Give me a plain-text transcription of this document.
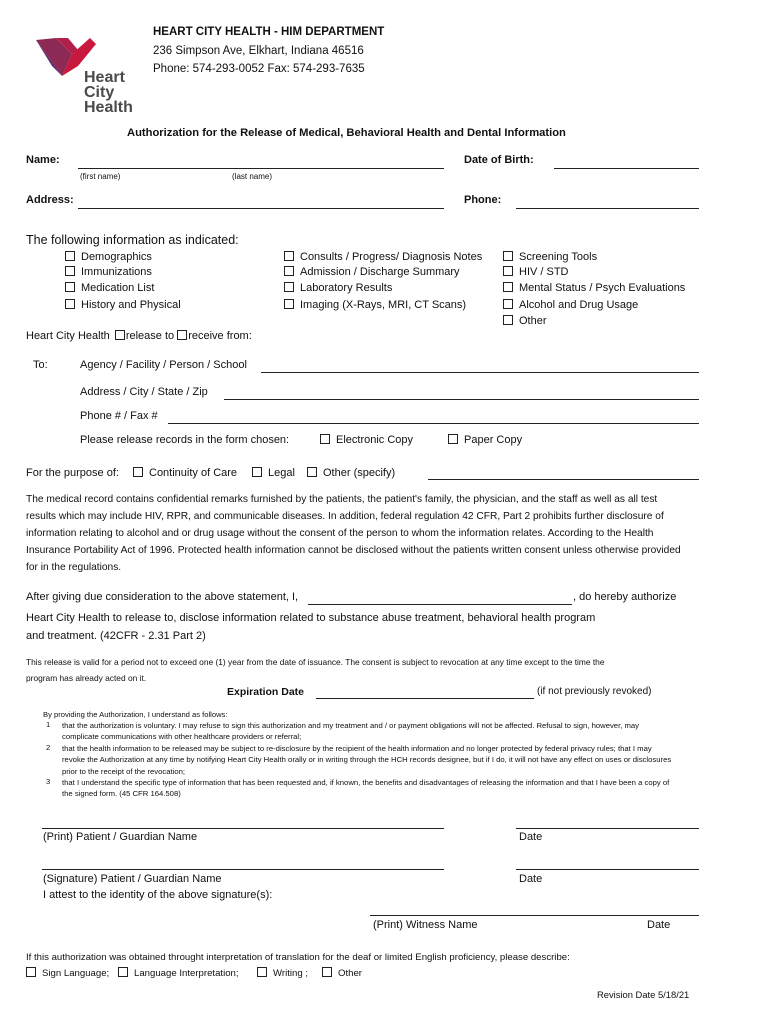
Heart
City
Health
HEART CITY HEALTH - HIM DEPARTMENT
236 Simpson Ave, Elkhart, Indiana 46516
Phone: 574-293-0052 Fax: 574-293-7635
Authorization for the Release of Medical, Behavioral Health and Dental Information
Name:
(first name)	(last name)
Date of Birth:
Address:	Phone:
The following information as indicated:
Demographics
Immunizations
Medication List
History and Physical
Consults / Progress/ Diagnosis Notes
Admission / Discharge Summary
Laboratory Results
Imaging (X-Rays, MRI, CT Scans)
Screening Tools
HIV / STD
Mental Status / Psych Evaluations
Alcohol and Drug Usage
Other
Heart City Health release to receive from:
To:	Agency / Facility / Person / School
Address / City / State / Zip
Phone # / Fax #
Please release records in the form chosen:	Electronic Copy	Paper Copy
For the purpose of:	Continuity of Care	Legal	Other (specify)
The medical record contains confidential remarks furnished by the patients, the patient's family, the physician, and the staff as well as all test results which may include HIV, RPR, and communicable diseases. In addition, federal regulation 42 CFR, Part 2 prohibits further disclosure of information relating to alcohol and or drug usage without the consent of the person to whom the information relates. According to the Health Insurance Portability Act of 1996. Protected health information cannot be disclosed without the patients written consent unless otherwise provided for in the regulations.
After giving due consideration to the above statement, I,	, do hereby authorize
Heart City Health to release to, disclose information related to substance abuse treatment, behavioral health program
and treatment. (42CFR - 2.31 Part 2)
This release is valid for a period not to exceed one (1) year from the date of issuance. The consent is subject to revocation at any time except to the time the
program has already acted on it.
Expiration Date	(if not previously revoked)
By providing the Authorization, I understand as follows:
1 that the authorization is voluntary. I may refuse to sign this authorization and my treatment and / or payment obligations will not be affected. Refusal to sign, however, may complicate communications with other healthcare providers or referral;
2 that the health information to be released may be subject to re-disclosure by the recipient of the health information and no longer protected by federal privacy rules; that I may revoke the Authorization at any time by notifying Heart City Health orally or in writing through the HCH records designee, but if I do, it will not have any effect on uses or disclosures prior to the receipt of the revocation;
3 that I understand the specific type of information that has been requested and, if known, the benefits and disadvantages of releasing the information and that I have been a copy of the signed form. (45 CFR 164.508)
(Print) Patient / Guardian Name	Date
(Signature) Patient / Guardian Name	Date
I attest to the identity of the above signature(s):
(Print) Witness Name	Date
If this authorization was obtained throught interpretation of translation for the deaf or limited English proficiency, please describe:
Sign Language;	Language Interpretation;	Writing ;	Other
Revision Date 5/18/21
